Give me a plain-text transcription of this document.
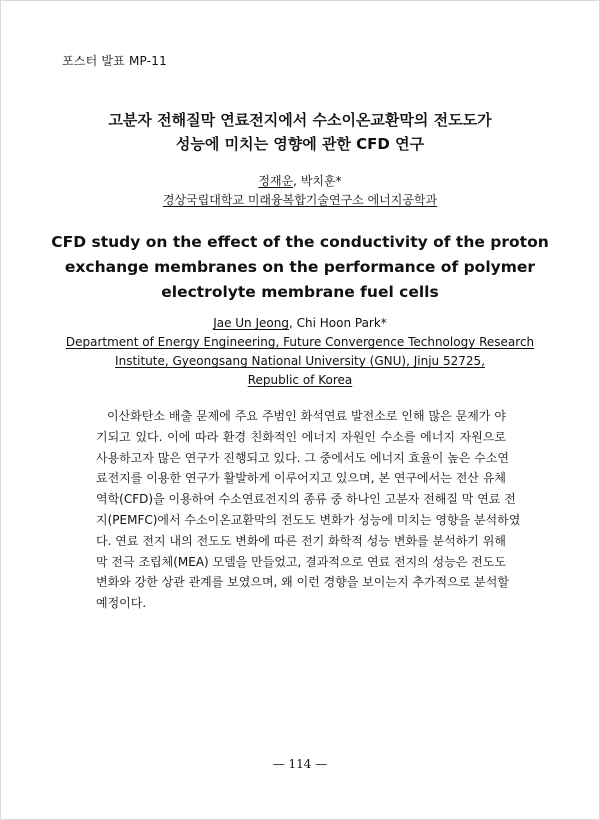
포스터 발표 MP-11
고분자 전해질막 연료전지에서 수소이온교환막의 전도도가
성능에 미치는 영향에 관한 CFD 연구
정재운, 박치훈*
경상국립대학교 미래융복합기술연구소 에너지공학과
CFD study on the effect of the conductivity of the proton
exchange membranes on the performance of polymer
electrolyte membrane fuel cells
Jae Un Jeong, Chi Hoon Park*
Department of Energy Engineering, Future Convergence Technology Research
Institute, Gyeongsang National University (GNU), Jinju 52725,
Republic of Korea
이산화탄소 배출 문제에 주요 주범인 화석연료 발전소로 인해 많은 문제가 야
기되고 있다. 이에 따라 환경 친화적인 에너지 자원인 수소를 에너지 자원으로
사용하고자 많은 연구가 진행되고 있다. 그 중에서도 에너지 효율이 높은 수소연
료전지를 이용한 연구가 활발하게 이루어지고 있으며, 본 연구에서는 전산 유체
역학(CFD)을 이용하여 수소연료전지의 종류 중 하나인 고분자 전해질 막 연료 전
지(PEMFC)에서 수소이온교환막의 전도도 변화가 성능에 미치는 영향을 분석하였
다. 연료 전지 내의 전도도 변화에 따른 전기 화학적 성능 변화를 분석하기 위해
막 전극 조립체(MEA) 모델을 만들었고, 결과적으로 연료 전지의 성능은 전도도
변화와 강한 상관 관계를 보였으며, 왜 이런 경향을 보이는지 추가적으로 분석할
예정이다.
— 114 —
